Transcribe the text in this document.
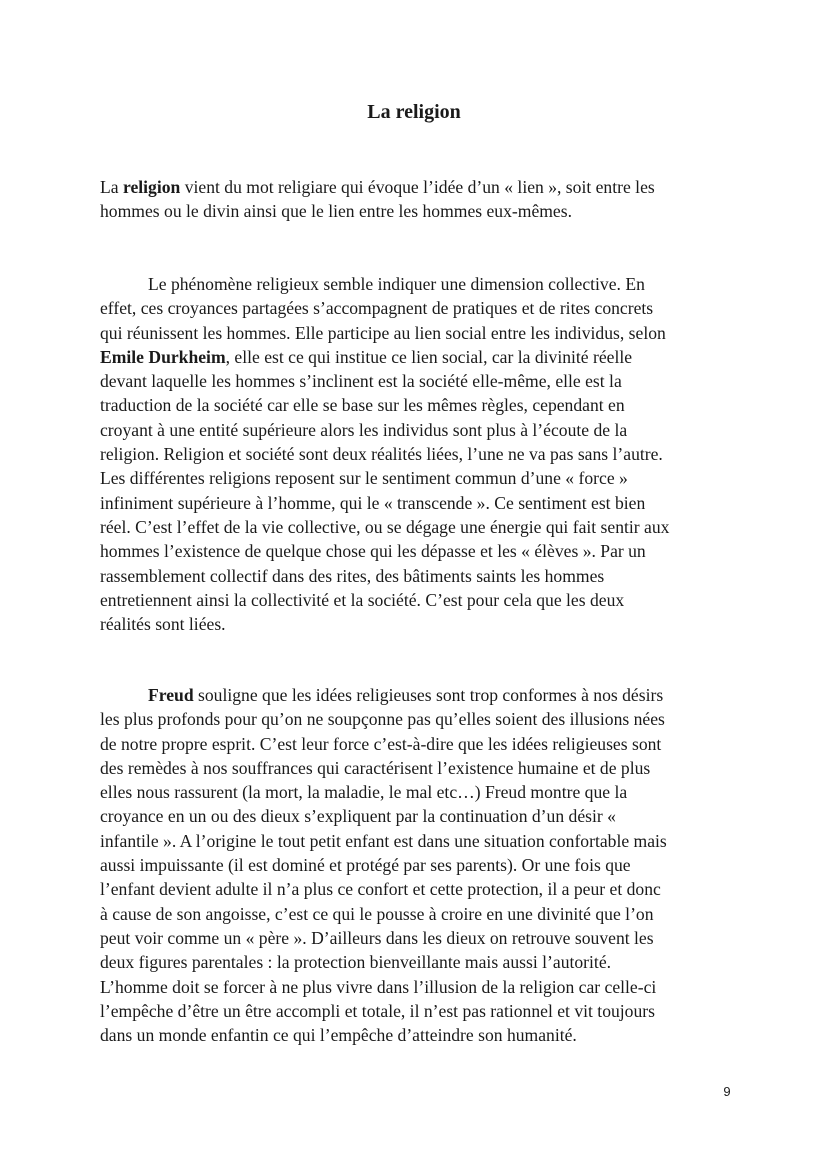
La religion
La religion vient du mot religiare qui évoque l’idée d’un « lien », soit entre les
hommes ou le divin ainsi que le lien entre les hommes eux-mêmes.
Le phénomène religieux semble indiquer une dimension collective. En
effet, ces croyances partagées s’accompagnent de pratiques et de rites concrets
qui réunissent les hommes. Elle participe au lien social entre les individus, selon
Emile Durkheim, elle est ce qui institue ce lien social, car la divinité réelle
devant laquelle les hommes s’inclinent est la société elle-même, elle est la
traduction de la société car elle se base sur les mêmes règles, cependant en
croyant à une entité supérieure alors les individus sont plus à l’écoute de la
religion. Religion et société sont deux réalités liées, l’une ne va pas sans l’autre.
Les différentes religions reposent sur le sentiment commun d’une « force »
infiniment supérieure à l’homme, qui le « transcende ». Ce sentiment est bien
réel. C’est l’effet de la vie collective, ou se dégage une énergie qui fait sentir aux
hommes l’existence de quelque chose qui les dépasse et les « élèves ». Par un
rassemblement collectif dans des rites, des bâtiments saints les hommes
entretiennent ainsi la collectivité et la société. C’est pour cela que les deux
réalités sont liées.
Freud souligne que les idées religieuses sont trop conformes à nos désirs
les plus profonds pour qu’on ne soupçonne pas qu’elles soient des illusions nées
de notre propre esprit. C’est leur force c’est-à-dire que les idées religieuses sont
des remèdes à nos souffrances qui caractérisent l’existence humaine et de plus
elles nous rassurent (la mort, la maladie, le mal etc…) Freud montre que la
croyance en un ou des dieux s’expliquent par la continuation d’un désir «
infantile ». A l’origine le tout petit enfant est dans une situation confortable mais
aussi impuissante (il est dominé et protégé par ses parents). Or une fois que
l’enfant devient adulte il n’a plus ce confort et cette protection, il a peur et donc
à cause de son angoisse, c’est ce qui le pousse à croire en une divinité que l’on
peut voir comme un « père ». D’ailleurs dans les dieux on retrouve souvent les
deux figures parentales : la protection bienveillante mais aussi l’autorité.
L’homme doit se forcer à ne plus vivre dans l’illusion de la religion car celle-ci
l’empêche d’être un être accompli et totale, il n’est pas rationnel et vit toujours
dans un monde enfantin ce qui l’empêche d’atteindre son humanité.
9
